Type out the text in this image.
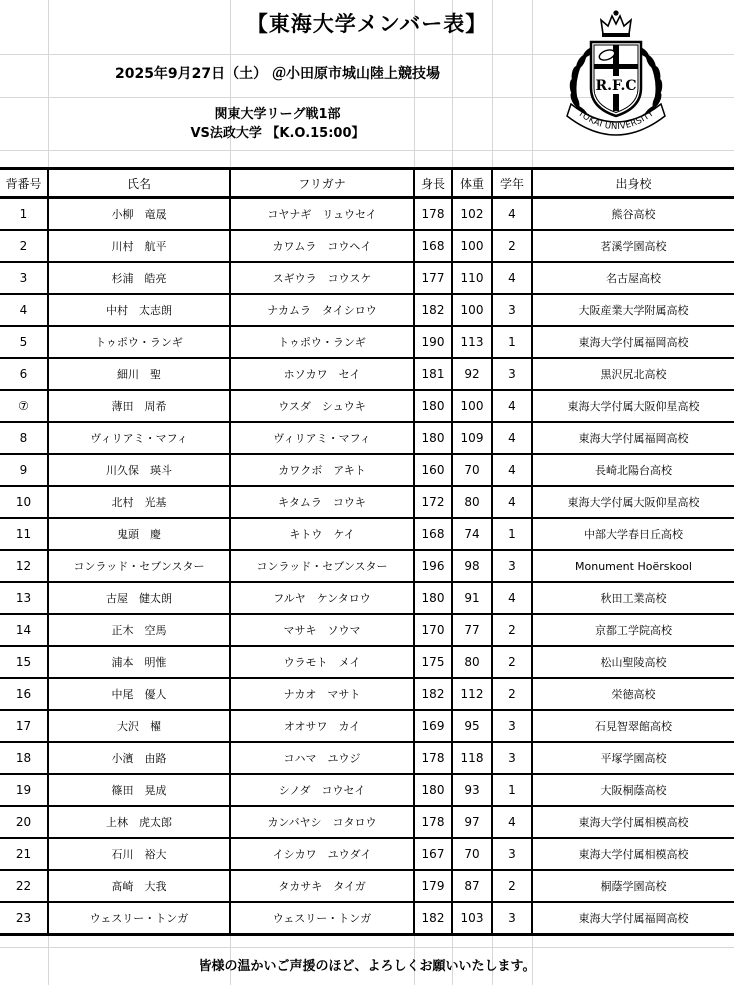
【東海大学メンバー表】
2025年9月27日（土） ＠小田原市城山陸上競技場
関東大学リーグ戦1部
VS法政大学 【K.O.15:00】
R.F.C
TOKAI UNIVERSITY
背番号	氏名	フリガナ	身長	体重	学年	出身校
1	小柳　竜晟	コヤナギ　リュウセイ	178	102	4	熊谷高校
2	川村　航平	カワムラ　コウヘイ	168	100	2	茗溪学園高校
3	杉浦　皓亮	スギウラ　コウスケ	177	110	4	名古屋高校
4	中村　太志朗	ナカムラ　タイシロウ	182	100	3	大阪産業大学附属高校
5	トゥポウ・ランギ	トゥポウ・ランギ	190	113	1	東海大学付属福岡高校
6	細川　聖	ホソカワ　セイ	181	92	3	黒沢尻北高校
⑦	薄田　周希	ウスダ　シュウキ	180	100	4	東海大学付属大阪仰星高校
8	ヴィリアミ・マフィ	ヴィリアミ・マフィ	180	109	4	東海大学付属福岡高校
9	川久保　瑛斗	カワクボ　アキト	160	70	4	長崎北陽台高校
10	北村　光基	キタムラ　コウキ	172	80	4	東海大学付属大阪仰星高校
11	鬼頭　慶	キトウ　ケイ	168	74	1	中部大学春日丘高校
12	コンラッド・セブンスター	コンラッド・セブンスター	196	98	3	Monument Hoërskool
13	古屋　健太朗	フルヤ　ケンタロウ	180	91	4	秋田工業高校
14	正木　空馬	マサキ　ソウマ	170	77	2	京都工学院高校
15	浦本　明惟	ウラモト　メイ	175	80	2	松山聖陵高校
16	中尾　優人	ナカオ　マサト	182	112	2	栄徳高校
17	大沢　櫂	オオサワ　カイ	169	95	3	石見智翠館高校
18	小濱　由路	コハマ　ユウジ	178	118	3	平塚学園高校
19	篠田　晃成	シノダ　コウセイ	180	93	1	大阪桐蔭高校
20	上林　虎太郎	カンバヤシ　コタロウ	178	97	4	東海大学付属相模高校
21	石川　裕大	イシカワ　ユウダイ	167	70	3	東海大学付属相模高校
22	髙崎　大我	タカサキ　タイガ	179	87	2	桐蔭学園高校
23	ウェスリー・トンガ	ウェスリー・トンガ	182	103	3	東海大学付属福岡高校
皆様の温かいご声援のほど、よろしくお願いいたします。
